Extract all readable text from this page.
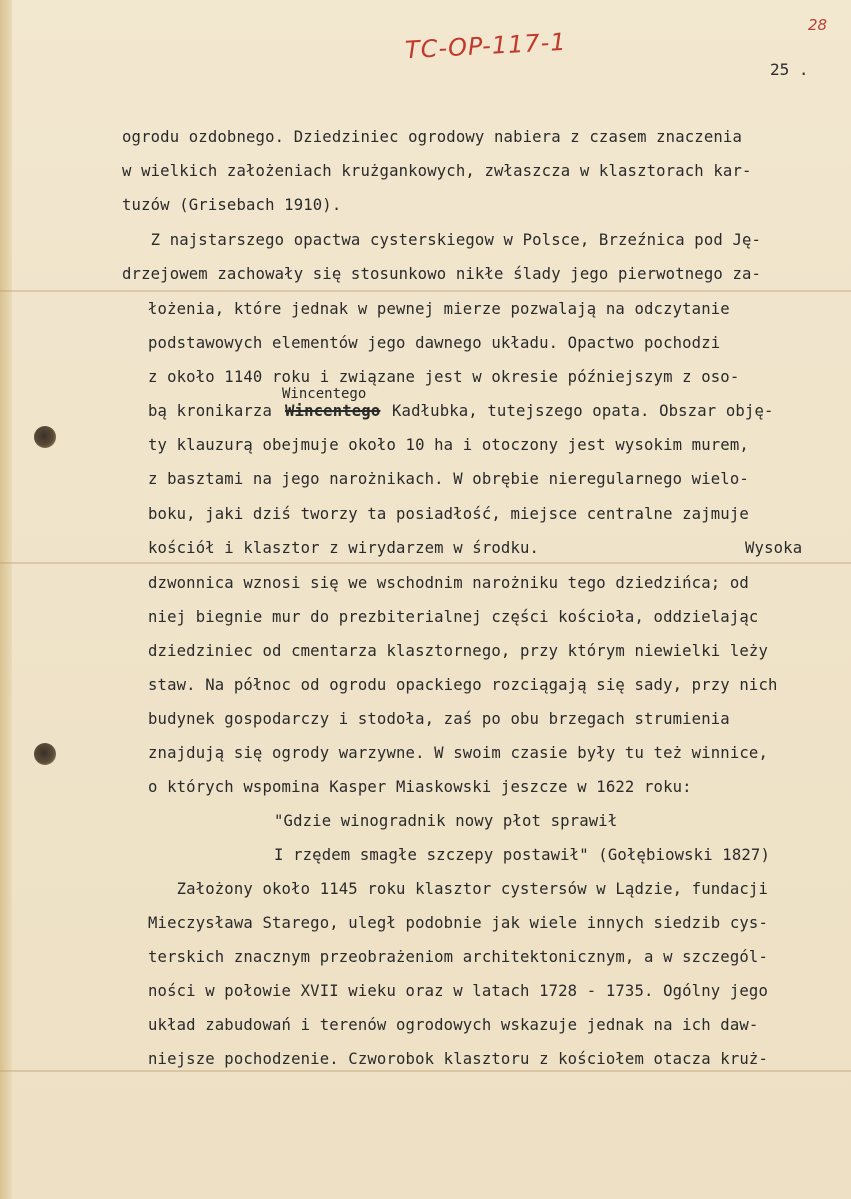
TC-OP-117-1
28
25 .
ogrodu ozdobnego. Dziedziniec ogrodowy nabiera z czasem znaczenia
w wielkich założeniach krużgankowych, zwłaszcza w klasztorach kar-
tuzów (Grisebach 1910).
Z najstarszego opactwa cysterskiegow w Polsce, Brzeźnica pod Ję-
drzejowem zachowały się stosunkowo nikłe ślady jego pierwotnego za-
łożenia, które jednak w pewnej mierze pozwalają na odczytanie
podstawowych elementów jego dawnego układu. Opactwo pochodzi
z około 1140 roku i związane jest w okresie późniejszym z oso-
Wincentego
bą kronikarza Wincentego Kadłubka, tutejszego opata. Obszar obję-
ty klauzurą obejmuje około 10 ha i otoczony jest wysokim murem,
z basztami na jego narożnikach. W obrębie nieregularnego wielo-
boku, jaki dziś tworzy ta posiadłość, miejsce centralne zajmuje
kościół i klasztor z wirydarzem w środku.	Wysoka
dzwonnica wznosi się we wschodnim narożniku tego dziedzińca; od
niej biegnie mur do prezbiterialnej części kościoła, oddzielając
dziedziniec od cmentarza klasztornego, przy którym niewielki leży
staw. Na północ od ogrodu opackiego rozciągają się sady, przy nich
budynek gospodarczy i stodoła, zaś po obu brzegach strumienia
znajdują się ogrody warzywne. W swoim czasie były tu też winnice,
o których wspomina Kasper Miaskowski jeszcze w 1622 roku:
"Gdzie winogradnik nowy płot sprawił
I rzędem smagłe szczepy postawił" (Gołębiowski 1827)
Założony około 1145 roku klasztor cystersów w Lądzie, fundacji
Mieczysława Starego, uległ podobnie jak wiele innych siedzib cys-
terskich znacznym przeobrażeniom architektonicznym, a w szczegól-
ności w połowie XVII wieku oraz w latach 1728 - 1735. Ogólny jego
układ zabudowań i terenów ogrodowych wskazuje jednak na ich daw-
niejsze pochodzenie. Czworobok klasztoru z kościołem otacza kruż-
